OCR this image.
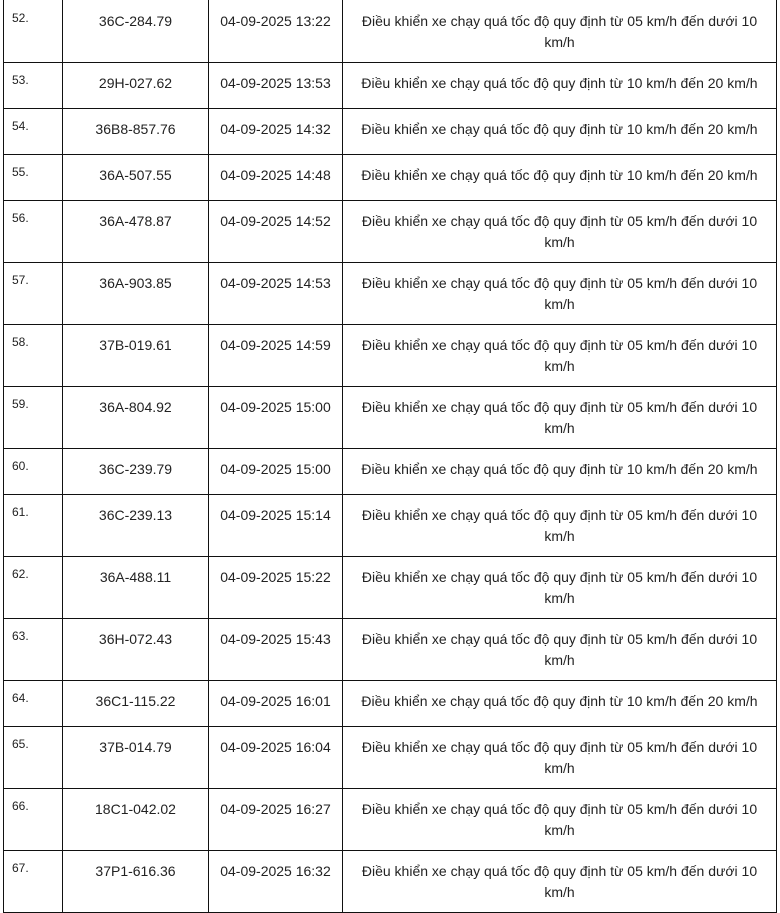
52.	36C-284.79	04-09-2025 13:22	Điều khiển xe chạy quá tốc độ quy định từ 05 km/h đến dưới 10 km/h
53.	29H-027.62	04-09-2025 13:53	Điều khiển xe chạy quá tốc độ quy định từ 10 km/h đến 20 km/h
54.	36B8-857.76	04-09-2025 14:32	Điều khiển xe chạy quá tốc độ quy định từ 10 km/h đến 20 km/h
55.	36A-507.55	04-09-2025 14:48	Điều khiển xe chạy quá tốc độ quy định từ 10 km/h đến 20 km/h
56.	36A-478.87	04-09-2025 14:52	Điều khiển xe chạy quá tốc độ quy định từ 05 km/h đến dưới 10 km/h
57.	36A-903.85	04-09-2025 14:53	Điều khiển xe chạy quá tốc độ quy định từ 05 km/h đến dưới 10 km/h
58.	37B-019.61	04-09-2025 14:59	Điều khiển xe chạy quá tốc độ quy định từ 05 km/h đến dưới 10 km/h
59.	36A-804.92	04-09-2025 15:00	Điều khiển xe chạy quá tốc độ quy định từ 05 km/h đến dưới 10 km/h
60.	36C-239.79	04-09-2025 15:00	Điều khiển xe chạy quá tốc độ quy định từ 10 km/h đến 20 km/h
61.	36C-239.13	04-09-2025 15:14	Điều khiển xe chạy quá tốc độ quy định từ 05 km/h đến dưới 10 km/h
62.	36A-488.11	04-09-2025 15:22	Điều khiển xe chạy quá tốc độ quy định từ 05 km/h đến dưới 10 km/h
63.	36H-072.43	04-09-2025 15:43	Điều khiển xe chạy quá tốc độ quy định từ 05 km/h đến dưới 10 km/h
64.	36C1-115.22	04-09-2025 16:01	Điều khiển xe chạy quá tốc độ quy định từ 10 km/h đến 20 km/h
65.	37B-014.79	04-09-2025 16:04	Điều khiển xe chạy quá tốc độ quy định từ 05 km/h đến dưới 10 km/h
66.	18C1-042.02	04-09-2025 16:27	Điều khiển xe chạy quá tốc độ quy định từ 05 km/h đến dưới 10 km/h
67.	37P1-616.36	04-09-2025 16:32	Điều khiển xe chạy quá tốc độ quy định từ 05 km/h đến dưới 10 km/h
